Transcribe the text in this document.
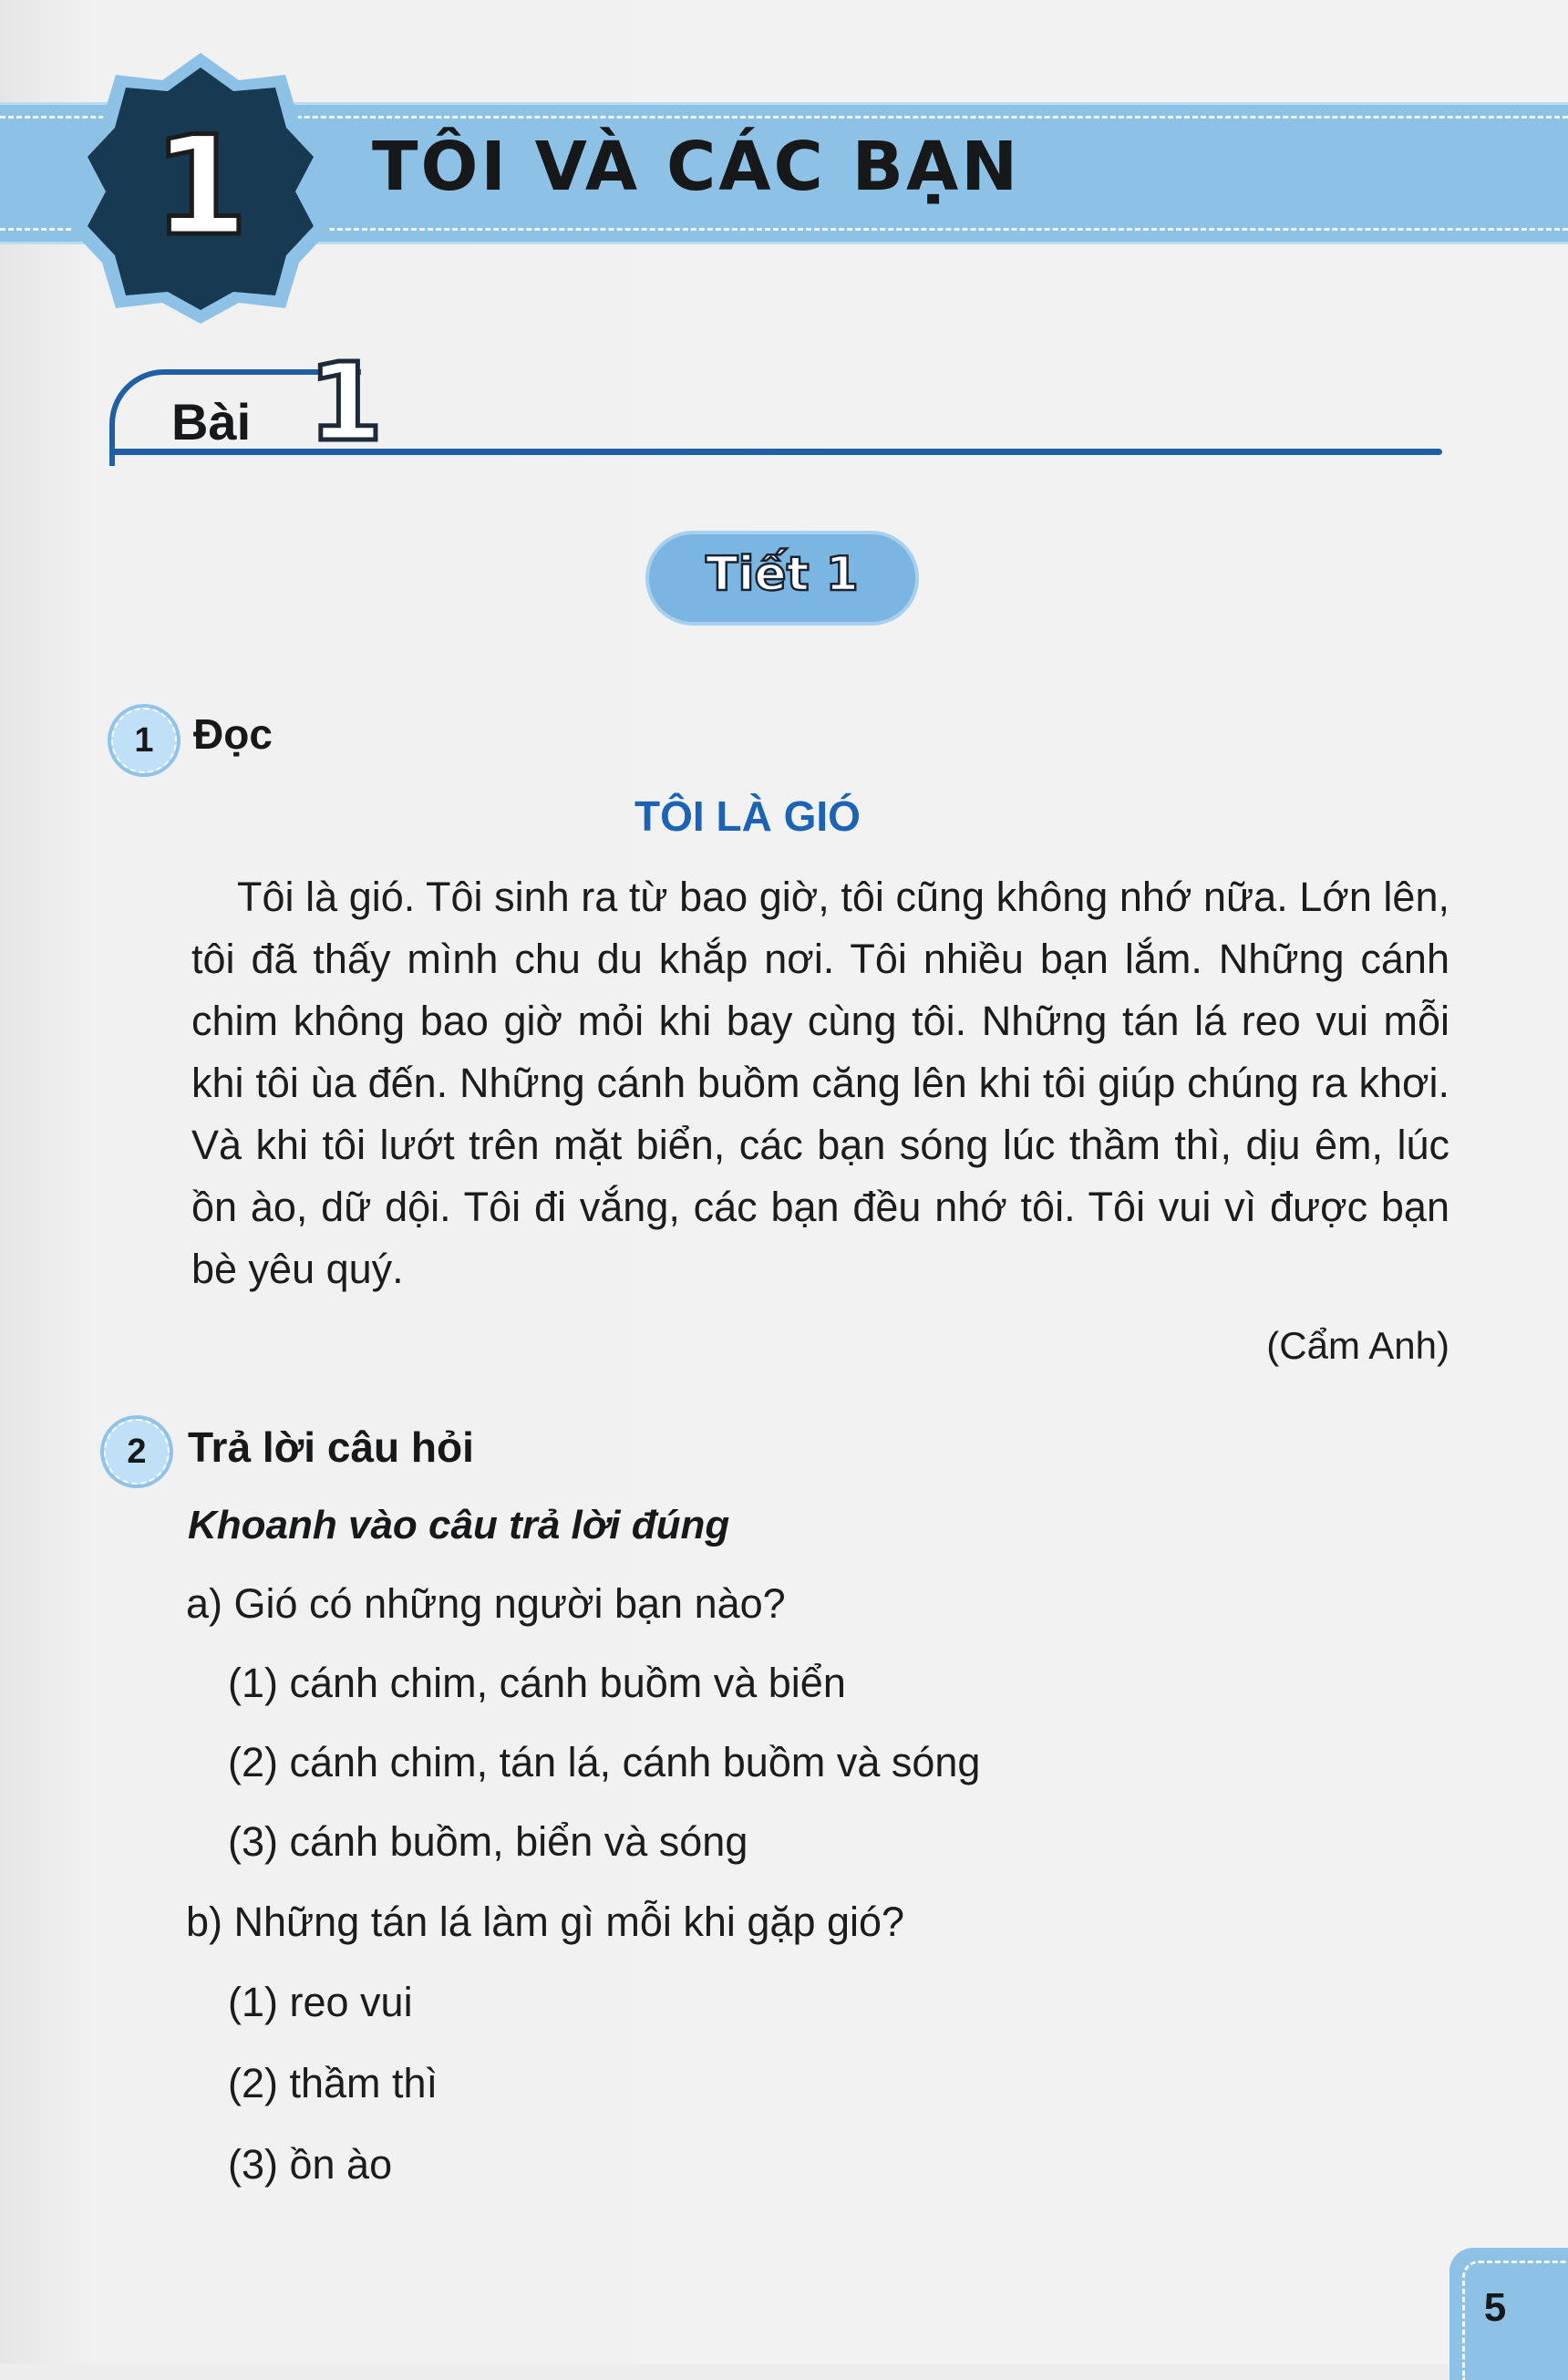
1	TÔI VÀ CÁC BẠN
Bài 1
Tiết 1
1 Đọc
TÔI LÀ GIÓ

Tôi là gió. Tôi sinh ra từ bao giờ, tôi cũng không nhớ nữa. Lớn lên, tôi đã thấy mình chu du khắp nơi. Tôi nhiều bạn lắm. Những cánh chim không bao giờ mỏi khi bay cùng tôi. Những tán lá reo vui mỗi khi tôi ùa đến. Những cánh buồm căng lên khi tôi giúp chúng ra khơi. Và khi tôi lướt trên mặt biển, các bạn sóng lúc thầm thì, dịu êm, lúc ồn ào, dữ dội. Tôi đi vắng, các bạn đều nhớ tôi. Tôi vui vì được bạn bè yêu quý.

(Cẩm Anh)
2 Trả lời câu hỏi
Khoanh vào câu trả lời đúng
a) Gió có những người bạn nào?
(1) cánh chim, cánh buồm và biển
(2) cánh chim, tán lá, cánh buồm và sóng
(3) cánh buồm, biển và sóng
b) Những tán lá làm gì mỗi khi gặp gió?
(1) reo vui
(2) thầm thì
(3) ồn ào
5
